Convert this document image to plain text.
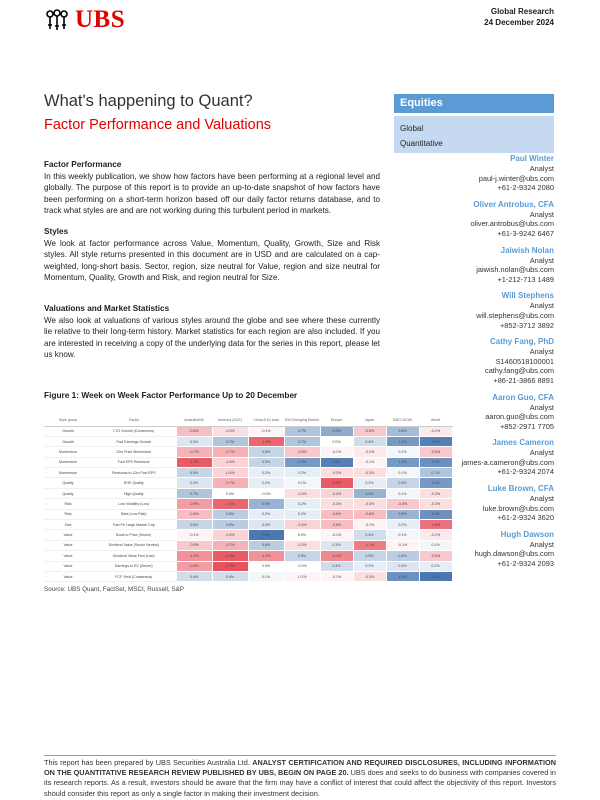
UBS	Global Research
24 December 2024
What's happening to Quant?
Factor Performance and Valuations
Equities
Global
Quantitative
Factor Performance

In this weekly publication, we show how factors have been performing at a regional level and globally. The purpose of this report is to provide an up-to-date snapshot of how factors have been performing on a short-term horizon based off our daily factor returns database, and to track what styles are and are not working during this turbulent period in markets.

Styles

We look at factor performance across Value, Momentum, Quality, Growth, Size and Risk styles. All style returns presented in this document are in USD and are calculated on a cap-weighted, long-short basis. Sector, region, size neutral for Value, region and size neutral for Momentum, Quality, Growth and Risk, and region neutral for Size.

Valuations and Market Statistics

We also look at valuations of various styles around the globe and see where these currently lie relative to their long-term history. Market statistics for each region are also included. If you are interested in receiving a copy of the underlying data for the series in this report, please let us know.

Figure 1: Week on Week Factor Performance Up to 20 December
Style group	Factor	Australia/NZ	America (ACE)	China A Ex Asia	EM Emerging Market	Europe	Japan	MSCI ACWI	World
Growth	LTG Growth (Consensus)	-0.6%	-0.3%	-0.1%	0.7%	1.0%	-0.5%	0.8%	-0.2%
Growth	Fwd Earnings Growth	0.3%	0.7%	-1.4%	0.7%	0.0%	0.4%	1.2%	1.5%
Momentum	12m Price Momentum	-0.7%	-0.7%	0.5%	-0.5%	-0.1%	-0.2%	0.1%	-0.5%
Momentum	Fwd EPS Revisions	-1.5%	-0.4%	0.5%	1.2%	1.5%	-0.1%	1.2%	1.3%
Momentum	Revisions to 12m Fwd EPS	0.5%	-0.4%	0.2%	0.2%	-0.3%	-0.3%	0.1%	0.7%
Quality	ROE Quality	0.3%	-0.7%	0.2%	0.1%	-1.5%	0.2%	0.5%	1.2%
Quality	High Quality	0.7%	0.0%	-0.0%	-0.3%	-0.4%	0.9%	0.1%	-0.3%
Risk	Low Volatility (Low)	-0.9%	-1.4%	0.9%	0.2%	-0.3%	-0.3%	-0.5%	-0.3%
Risk	Beta (Low Risk)	-0.6%	0.6%	0.2%	0.2%	-0.6%	-0.6%	0.9%	1.3%
Size	Fwd Pe Large Market Cap	0.5%	0.6%	0.3%	-0.4%	-0.6%	-0.1%	0.2%	-1.3%
Value	Book to Price (Sector)	-0.1%	-0.4%	1.6%	0.0%	-0.1%	0.4%	0.1%	-0.2%
Value	Dividend Value (Sector Neutral)	-0.5%	-0.7%	0.6%	-0.3%	0.3%	-1.2%	-0.1%	0.1%
Value	Dividend Value Fwd (Low)	-1.0%	-1.5%	-1.0%	0.5%	-1.1%	0.5%	0.6%	-0.5%
Value	Earnings to EV (Sector)	-0.9%	-1.7%	0.0%	-0.0%	0.4%	0.2%	0.3%	0.2%
Value	FCF Yield (Consensus)	0.4%	0.4%	0.1%	-0.1%	-0.1%	-0.3%	1.3%	2.3%
Source: UBS Quant, FactSet, MSCI, Russell, S&P
Paul Winter
Analyst
paul-j.winter@ubs.com
+61-2-9324 2080
Oliver Antrobus, CFA
Analyst
oliver.antrobus@ubs.com
+61-3-9242 6467
Jaiwish Nolan
Analyst
jaiwish.nolan@ubs.com
+1-212-713 1489
Will Stephens
Analyst
will.stephens@ubs.com
+852-3712 3892
Cathy Fang, PhD
Analyst
S1460518100001
cathy.fang@ubs.com
+86-21-3866 8891
Aaron Guo, CFA
Analyst
aaron.guo@ubs.com
+852-2971 7705
James Cameron
Analyst
james-a.cameron@ubs.com
+61-2-9324 2074
Luke Brown, CFA
Analyst
luke.brown@ubs.com
+61-2-9324 3620
Hugh Dawson
Analyst
hugh.dawson@ubs.com
+61-2-9324 2093
This report has been prepared by UBS Securities Australia Ltd. ANALYST CERTIFICATION AND REQUIRED DISCLOSURES, INCLUDING INFORMATION ON THE QUANTITATIVE RESEARCH REVIEW PUBLISHED BY UBS, BEGIN ON PAGE 20. UBS does and seeks to do business with companies covered in its research reports. As a result, investors should be aware that the firm may have a conflict of interest that could affect the objectivity of this report. Investors should consider this report as only a single factor in making their investment decision.
